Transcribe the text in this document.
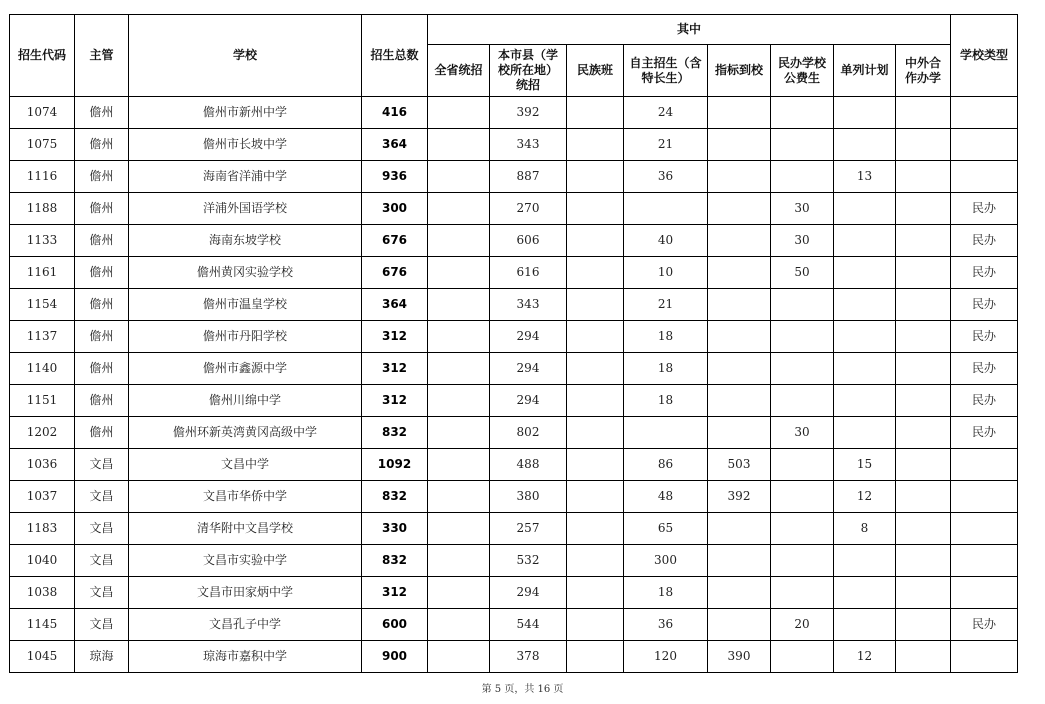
招生代码	主管	学校	招生总数	其中								学校类型
				全省统招	本市县（学校所在地）统招	民族班	自主招生（含特长生）	指标到校	民办学校公费生	单列计划	中外合作办学	
1074	儋州	儋州市新州中学	416		392		24					
1075	儋州	儋州市长坡中学	364		343		21					
1116	儋州	海南省洋浦中学	936		887		36			13		
1188	儋州	洋浦外国语学校	300		270				30			民办
1133	儋州	海南东坡学校	676		606		40		30			民办
1161	儋州	儋州黄冈实验学校	676		616		10		50			民办
1154	儋州	儋州市温皇学校	364		343		21					民办
1137	儋州	儋州市丹阳学校	312		294		18					民办
1140	儋州	儋州市鑫源中学	312		294		18					民办
1151	儋州	儋州川绵中学	312		294		18					民办
1202	儋州	儋州环新英湾黄冈高级中学	832		802				30			民办
1036	文昌	文昌中学	1092		488		86	503		15		
1037	文昌	文昌市华侨中学	832		380		48	392		12		
1183	文昌	清华附中文昌学校	330		257		65			8		
1040	文昌	文昌市实验中学	832		532		300					
1038	文昌	文昌市田家炳中学	312		294		18					
1145	文昌	文昌孔子中学	600		544		36		20			民办
1045	琼海	琼海市嘉积中学	900		378		120	390		12		
第 5 页，共 16 页
